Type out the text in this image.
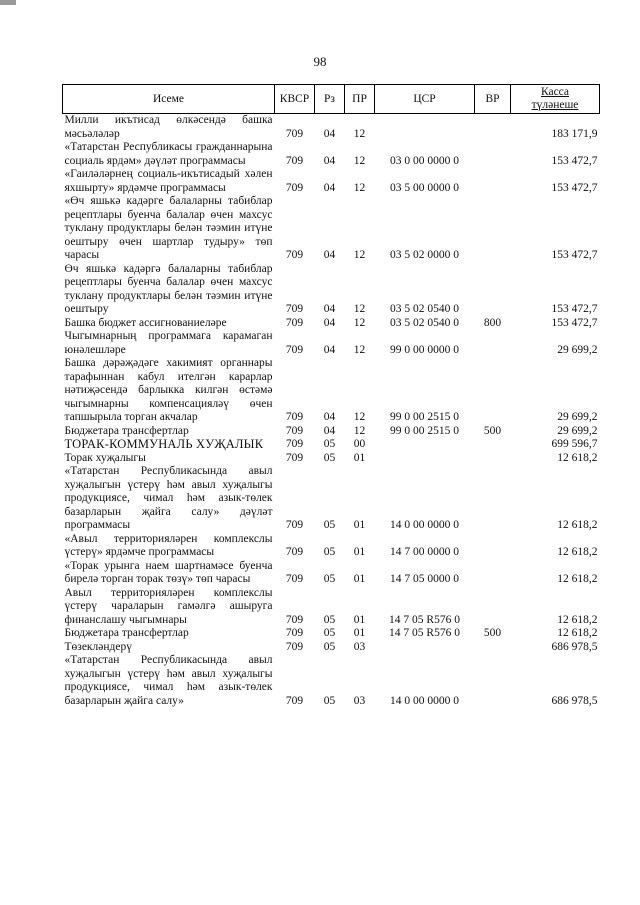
98
Исеме	КВСР	Рз	ПР	ЦСР	ВР	Касса
түләнеше
Милли икътисад өлкәсендә башка мәсьәләләр	709	04	12			183 171,9
«Татарстан Республикасы гражданнарына социаль ярдәм» дәүләт программасы	709	04	12	03 0 00 0000 0		153 472,7
«Гаиләләрнең социаль-икътисадый хәлен яхшырту» ярдәмче программасы	709	04	12	03 5 00 0000 0		153 472,7
«Өч яшькә кадәрге балаларны табиблар рецептлары буенча балалар өчен махсус туклану продуктлары белән тәэмин итүне оештыру өчен шартлар тудыру» төп чарасы	709	04	12	03 5 02 0000 0		153 472,7
Өч яшькә кадәргә балаларны табиблар рецептлары буенча балалар өчен махсус туклану продуктлары белән тәэмин итүне оештыру	709	04	12	03 5 02 0540 0		153 472,7
Башка бюджет ассигнованиеләре	709	04	12	03 5 02 0540 0	800	153 472,7
Чыгымнарның программага карамаган юнәлешләре	709	04	12	99 0 00 0000 0		29 699,2
Башка дәрәҗәдәге хакимият органнары тарафыннан кабул ителгән карарлар нәтиҗәсендә барлыкка килгән өстәмә чыгымнарны компенсацияләү өчен тапшырыла торган акчалар	709	04	12	99 0 00 2515 0		29 699,2
Бюджетара трансфертлар	709	04	12	99 0 00 2515 0	500	29 699,2
ТОРАК-КОММУНАЛЬ ХУҖАЛЫК	709	05	00			699 596,7
Торак хуҗалыгы	709	05	01			12 618,2
«Татарстан Республикасында авыл хуҗалыгын үстерү һәм авыл хуҗалыгы продукциясе, чимал һәм азык-төлек базарларын җайга салу» дәүләт программасы	709	05	01	14 0 00 0000 0		12 618,2
«Авыл территорияләрен комплекслы үстерү» ярдәмче программасы	709	05	01	14 7 00 0000 0		12 618,2
«Торак урынга наем шартнамәсе буенча бирелә торган торак төзү» төп чарасы	709	05	01	14 7 05 0000 0		12 618,2
Авыл территорияләрен комплекслы үстерү чараларын гамәлгә ашыруга финанслашу чыгымнары	709	05	01	14 7 05 R576 0		12 618,2
Бюджетара трансфертлар	709	05	01	14 7 05 R576 0	500	12 618,2
Төзекләндерү	709	05	03			686 978,5
«Татарстан Республикасында авыл хуҗалыгын үстерү һәм авыл хуҗалыгы продукциясе, чимал һәм азык-төлек базарларын җайга салу»	709	05	03	14 0 00 0000 0		686 978,5
